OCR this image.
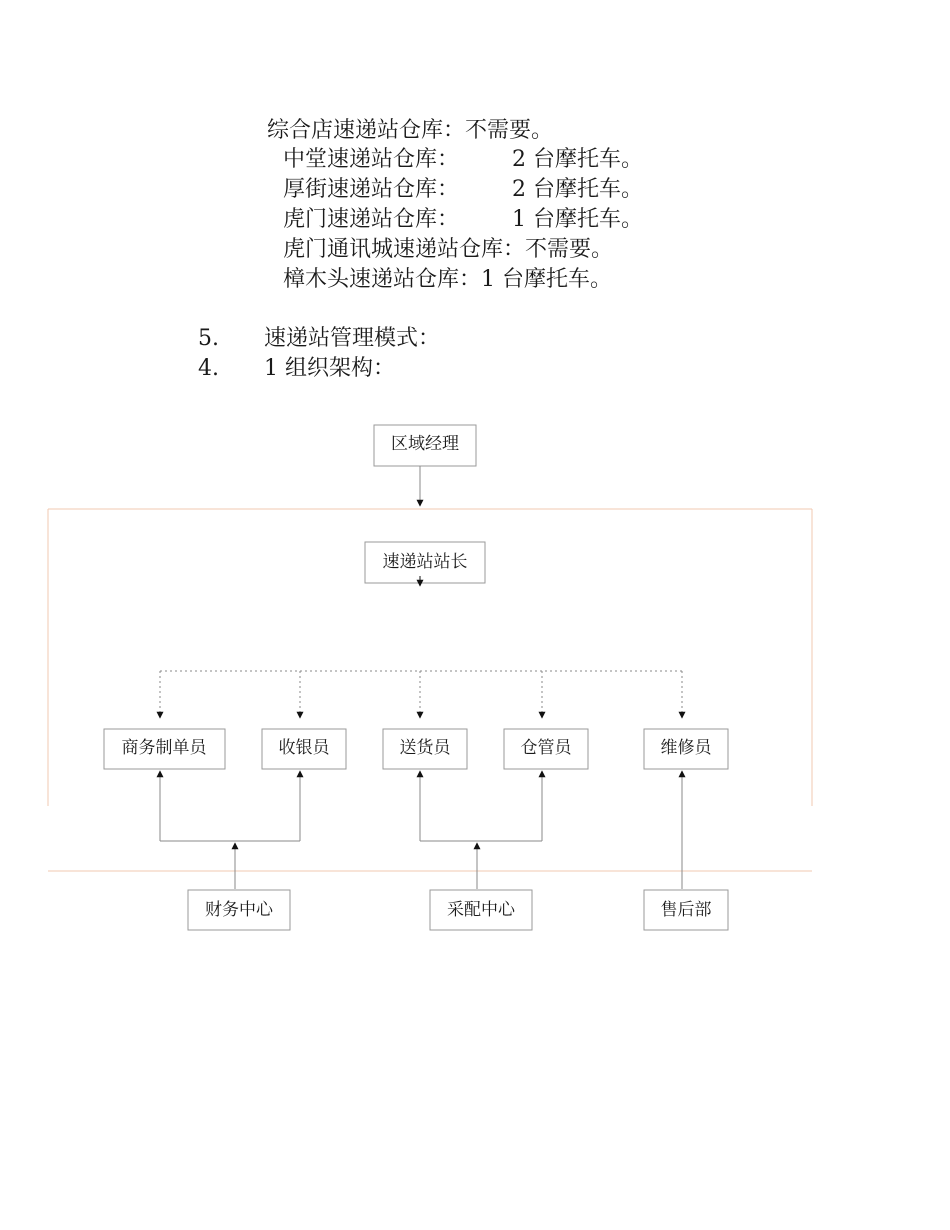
综合店速递站仓库：不需要。
中堂速递站仓库： 2 台摩托车。
厚街速递站仓库： 2 台摩托车。
虎门速递站仓库： 1 台摩托车。
虎门通讯城速递站仓库：不需要。
樟木头速递站仓库：1 台摩托车。
5. 速递站管理模式：
4. 1 组织架构：
区域经理
速递站站长
商务制单员	收银员	送货员	仓管员	维修员
财务中心	采配中心	售后部
